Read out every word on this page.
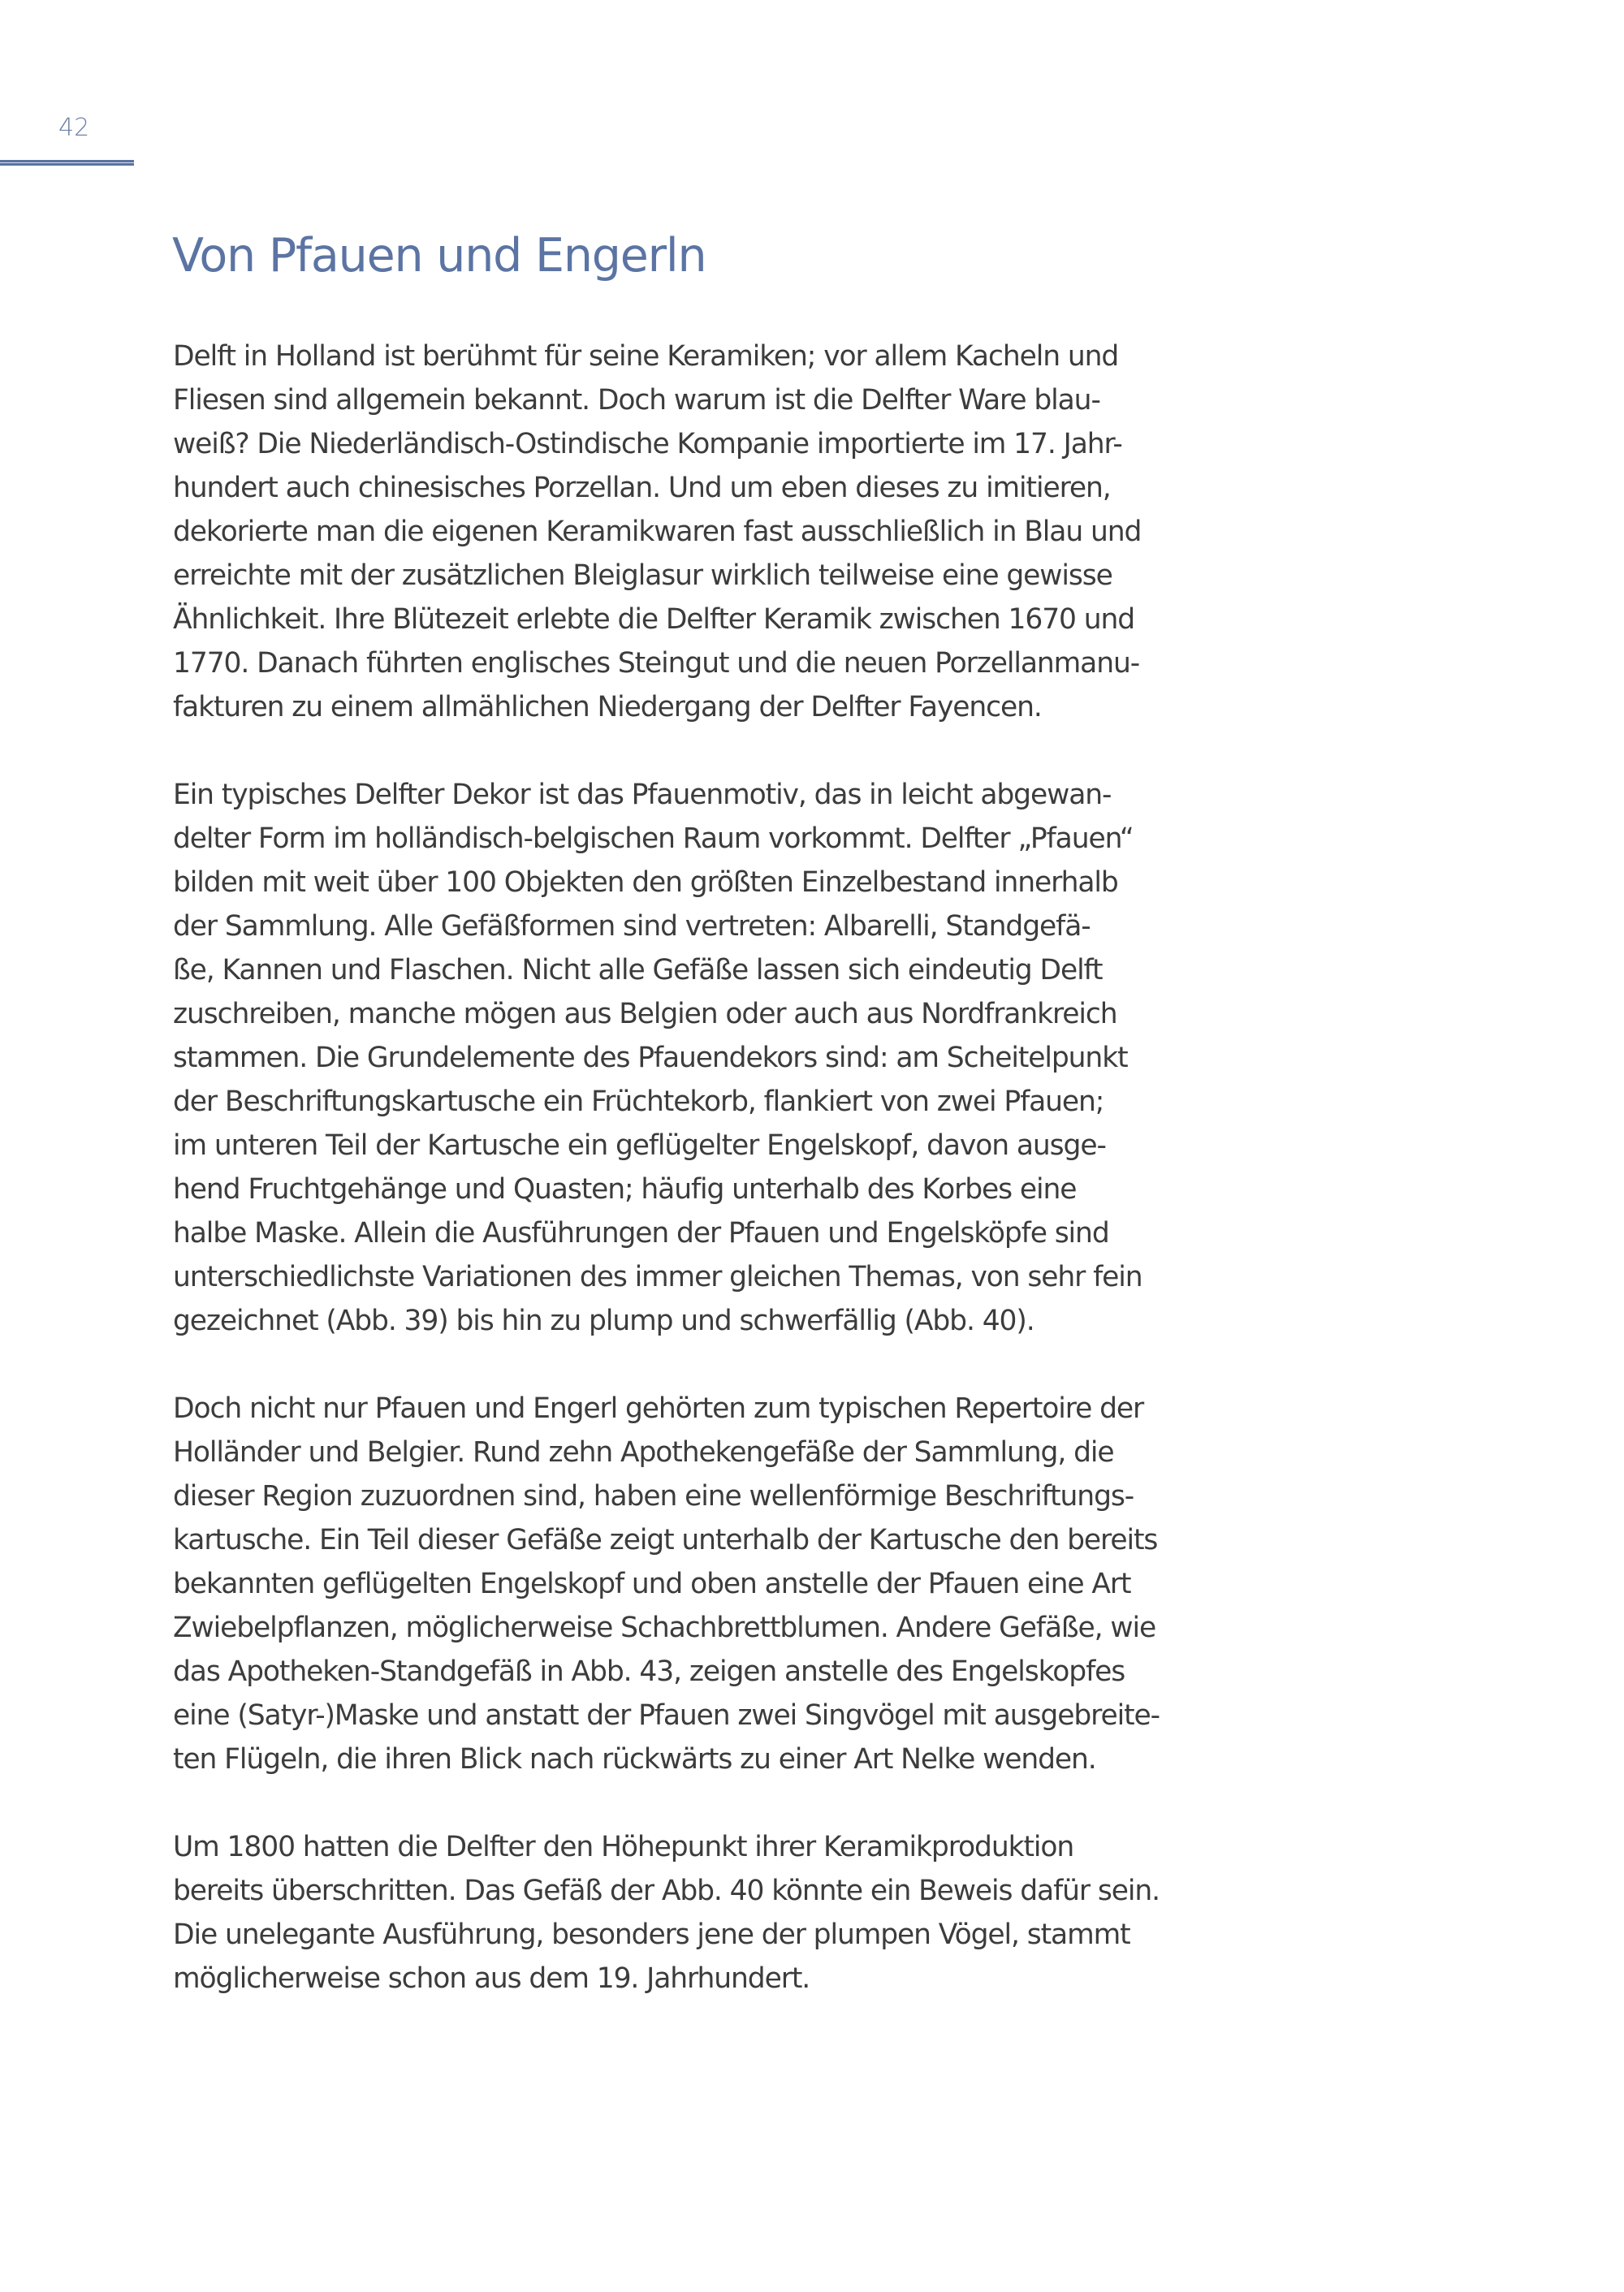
42
Von Pfauen und Engerln

Delft in Holland ist berühmt für seine Keramiken; vor allem Kacheln und
Fliesen sind allgemein bekannt. Doch warum ist die Delfter Ware blau-
weiß? Die Niederländisch-Ostindische Kompanie importierte im 17. Jahr-
hundert auch chinesisches Porzellan. Und um eben dieses zu imitieren,
dekorierte man die eigenen Keramikwaren fast ausschließlich in Blau und
erreichte mit der zusätzlichen Bleiglasur wirklich teilweise eine gewisse
Ähnlichkeit. Ihre Blütezeit erlebte die Delfter Keramik zwischen 1670 und
1770. Danach führten englisches Steingut und die neuen Porzellanmanu-
fakturen zu einem allmählichen Niedergang der Delfter Fayencen.

Ein typisches Delfter Dekor ist das Pfauenmotiv, das in leicht abgewan-
delter Form im holländisch-belgischen Raum vorkommt. Delfter „Pfauen“
bilden mit weit über 100 Objekten den größten Einzelbestand innerhalb
der Sammlung. Alle Gefäßformen sind vertreten: Albarelli, Standgefä-
ße, Kannen und Flaschen. Nicht alle Gefäße lassen sich eindeutig Delft
zuschreiben, manche mögen aus Belgien oder auch aus Nordfrankreich
stammen. Die Grundelemente des Pfauendekors sind: am Scheitelpunkt
der Beschriftungskartusche ein Früchtekorb, flankiert von zwei Pfauen;
im unteren Teil der Kartusche ein geflügelter Engelskopf, davon ausge-
hend Fruchtgehänge und Quasten; häufig unterhalb des Korbes eine
halbe Maske. Allein die Ausführungen der Pfauen und Engelsköpfe sind
unterschiedlichste Variationen des immer gleichen Themas, von sehr fein
gezeichnet (Abb. 39) bis hin zu plump und schwerfällig (Abb. 40).

Doch nicht nur Pfauen und Engerl gehörten zum typischen Repertoire der
Holländer und Belgier. Rund zehn Apothekengefäße der Sammlung, die
dieser Region zuzuordnen sind, haben eine wellenförmige Beschriftungs-
kartusche. Ein Teil dieser Gefäße zeigt unterhalb der Kartusche den bereits
bekannten geflügelten Engelskopf und oben anstelle der Pfauen eine Art
Zwiebelpflanzen, möglicherweise Schachbrettblumen. Andere Gefäße, wie
das Apotheken-Standgefäß in Abb. 43, zeigen anstelle des Engelskopfes
eine (Satyr-)Maske und anstatt der Pfauen zwei Singvögel mit ausgebreite-
ten Flügeln, die ihren Blick nach rückwärts zu einer Art Nelke wenden.

Um 1800 hatten die Delfter den Höhepunkt ihrer Keramikproduktion
bereits überschritten. Das Gefäß der Abb. 40 könnte ein Beweis dafür sein.
Die unelegante Ausführung, besonders jene der plumpen Vögel, stammt
möglicherweise schon aus dem 19. Jahrhundert.
